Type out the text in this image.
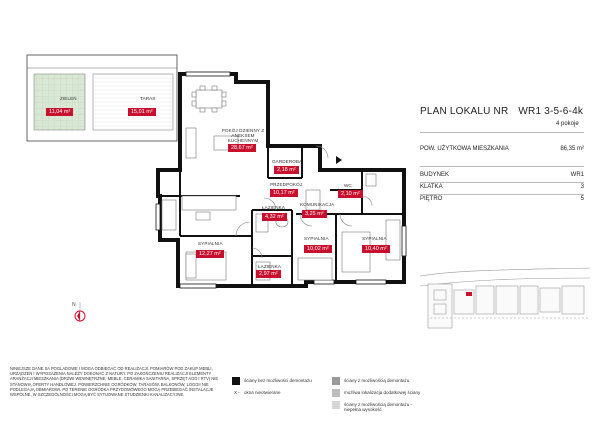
ZIELEŃ
11,04 m²
TARAS
15,01 m²
POKÓJ DZIENNY Z ANEKSEM KUCHENNYM
28,67 m²
GARDEROBA
2,18 m²
PRZEDPOKÓJ
10,17 m²
WC
2,10 m²
ŁAZIENKA
4,32 m²
KOMUNIKACJA
3,25 m²
SYPIALNIA
12,27 m²
ŁAZIENKA
2,97 m²
SYPIALNIA
10,02 m²
SYPIALNIA
10,40 m²
N
PLAN LOKALU NR WR1 3-5-6-4k
4 pokoje
POW. UŻYTKOWA MIESZKANIA	86,35 m²
BUDYNEK	WR1
KLATKA	3
PIĘTRO	5
NINIEJSZE DANE SA POGLADOWE I MOGA ODBIEGAĆ OD REALIZACJI. POMIARÓW POD ZAKUP MEBLI, URZĄDZEŃ I WYPOSAŻENIA NALEŻY DOKONAĆ Z NATURY. PO ZAKOŃCZENIU REALIZACJI ELEMENTY ARANŻACJI MIESZKANIA (DRZWI WEWNĘTRZNE, MEBLE, CERAMIKA SANITARNA, SPRZĘT AGD I RTV) NIE STANOWIĄ OFERTY HANDLOWEJ. POWIERZCHNIE OGRÓDKÓW, TARASÓW, BALKONÓW, LOGGII NIE PODLEGAJĄ OBMIAROWI. PO TERENIE OGRÓDKA PRZYDOMOWEGO MOGĄ PRZEBIEGAĆ INSTALACJE WSPÓLNE, W SZCZEGÓLNOŚCI MOGĄ BYĆ SYTUOWANE STUDZIENKI KANALIZACYJNE.
ściany bez możliwości demontażu
X - okna nieotwierane
ściany z możliwością demontażu
możliwa lokalizacja dodatkowej ściany
ściany z możliwością demontażu - niepełna wysokość
